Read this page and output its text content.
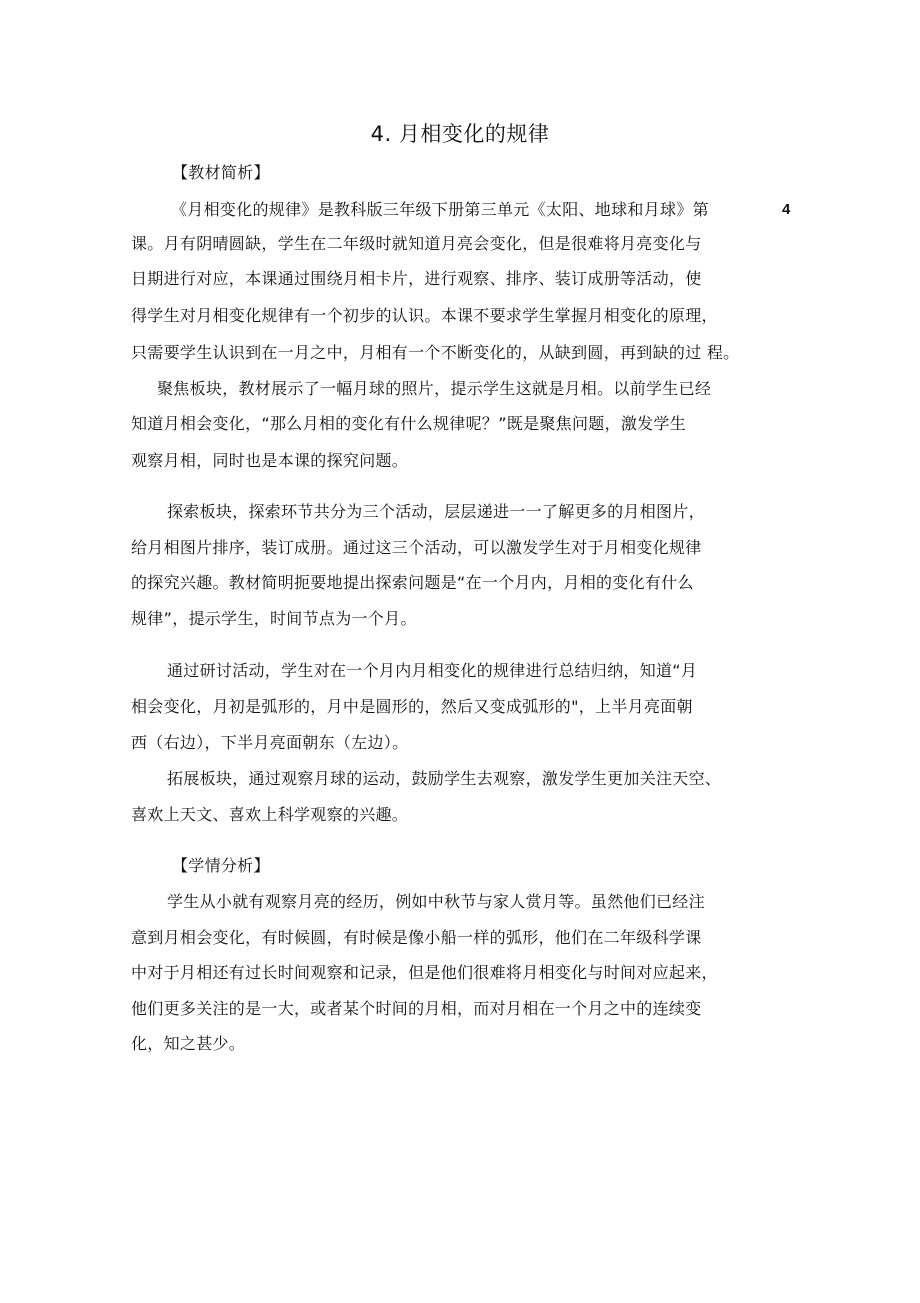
4. 月相变化的规律
【教材简析】
4
《月相变化的规律》是教科版三年级下册第三单元《太阳、地球和月球》第
课。月有阴晴圆缺，学生在二年级时就知道月亮会变化，但是很难将月亮变化与
日期进行对应，本课通过围绕月相卡片，进行观察、排序、装订成册等活动，使
得学生对月相变化规律有一个初步的认识。本课不要求学生掌握月相变化的原理，
只需要学生认识到在一月之中，月相有一个不断变化的，从缺到圆，再到缺的过 程。
聚焦板块，教材展示了一幅月球的照片，提示学生这就是月相。以前学生已经
知道月相会变化，“那么月相的变化有什么规律呢？”既是聚焦问题，激发学生
观察月相，同时也是本课的探究问题。
探索板块，探索环节共分为三个活动，层层递进一一了解更多的月相图片，
给月相图片排序，装订成册。通过这三个活动，可以激发学生对于月相变化规律
的探究兴趣。教材简明扼要地提出探索问题是“在一个月内，月相的变化有什么
规律”，提示学生，时间节点为一个月。
通过研讨活动，学生对在一个月内月相变化的规律进行总结归纳，知道“月
相会变化，月初是弧形的，月中是圆形的，然后又变成弧形的"，上半月亮面朝
西（右边），下半月亮面朝东（左边）。
拓展板块，通过观察月球的运动，鼓励学生去观察，激发学生更加关注天空、
喜欢上天文、喜欢上科学观察的兴趣。
【学情分析】
学生从小就有观察月亮的经历，例如中秋节与家人赏月等。虽然他们已经注
意到月相会变化，有时候圆，有时候是像小船一样的弧形，他们在二年级科学课
中对于月相还有过长时间观察和记录，但是他们很难将月相变化与时间对应起来，
他们更多关注的是一大，或者某个时间的月相，而对月相在一个月之中的连续变
化，知之甚少。
